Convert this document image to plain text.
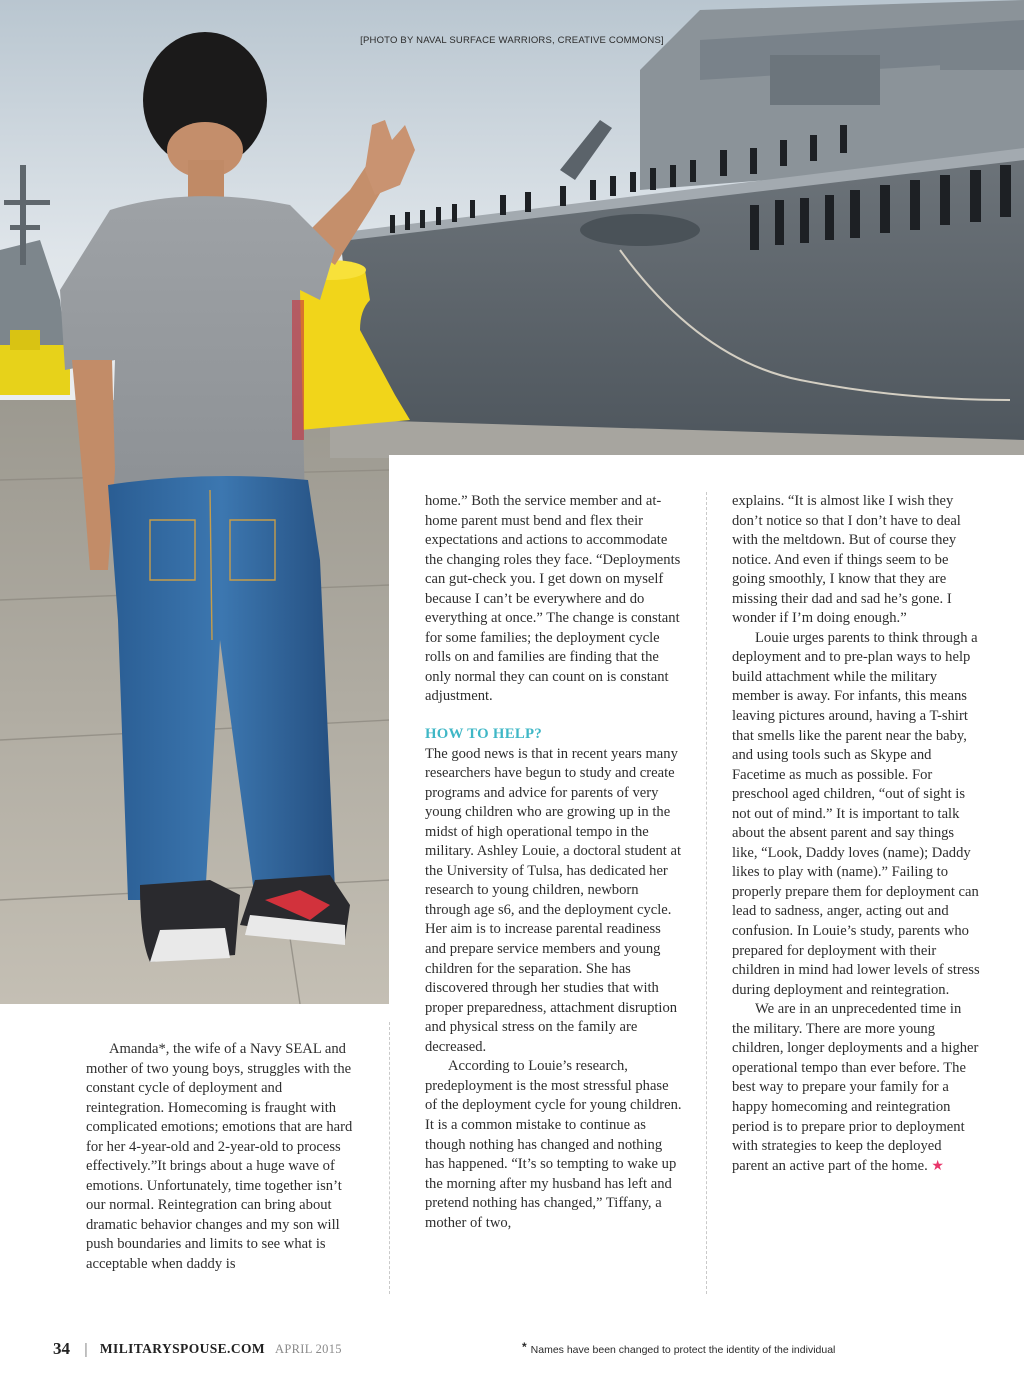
[PHOTO BY NAVAL SURFACE WARRIORS, CREATIVE COMMONS]

Amanda*, the wife of a Navy SEAL and mother of two young boys, struggles with the constant cycle of deployment and reintegration. Homecoming is fraught with complicated emotions; emotions that are hard for her 4-year-old and 2-year-old to process effectively.”It brings about a huge wave of emotions. Unfortunately, time together isn’t our normal. Reintegration can bring about dramatic behavior changes and my son will push boundaries and limits to see what is acceptable when daddy is

home.” Both the service member and at-home parent must bend and flex their expectations and actions to accommodate the changing roles they face. “Deployments can gut-check you. I get down on myself because I can’t be everywhere and do everything at once.” The change is constant for some families; the deployment cycle rolls on and families are finding that the only normal they can count on is constant adjustment.

HOW TO HELP?

The good news is that in recent years many researchers have begun to study and create programs and advice for parents of very young children who are growing up in the midst of high operational tempo in the military. Ashley Louie, a doctoral student at the University of Tulsa, has dedicated her research to young children, newborn through age s6, and the deployment cycle. Her aim is to increase parental readiness and prepare service members and young children for the separation. She has discovered through her studies that with proper preparedness, attachment disruption and physical stress on the family are decreased.

According to Louie’s research, predeployment is the most stressful phase of the deployment cycle for young children. It is a common mistake to continue as though nothing has changed and nothing has happened. “It’s so tempting to wake up the morning after my husband has left and pretend nothing has changed,” Tiffany, a mother of two,

explains. “It is almost like I wish they don’t notice so that I don’t have to deal with the meltdown. But of course they notice. And even if things seem to be going smoothly, I know that they are missing their dad and sad he’s gone. I wonder if I’m doing enough.”

Louie urges parents to think through a deployment and to pre-plan ways to help build attachment while the military member is away. For infants, this means leaving pictures around, having a T-shirt that smells like the parent near the baby, and using tools such as Skype and Facetime as much as possible. For preschool aged children, “out of sight is not out of mind.” It is important to talk about the absent parent and say things like, “Look, Daddy loves (name); Daddy likes to play with (name).” Failing to properly prepare them for deployment can lead to sadness, anger, acting out and confusion. In Louie’s study, parents who prepared for deployment with their children in mind had lower levels of stress during deployment and reintegration.

We are in an unprecedented time in the military. There are more young children, longer deployments and a higher operational tempo than ever before. The best way to prepare your family for a happy homecoming and reintegration period is to prepare prior to deployment with strategies to keep the deployed parent an active part of the home. ★

34 | MILITARYSPOUSE.COM APRIL 2015	* Names have been changed to protect the identity of the individual
